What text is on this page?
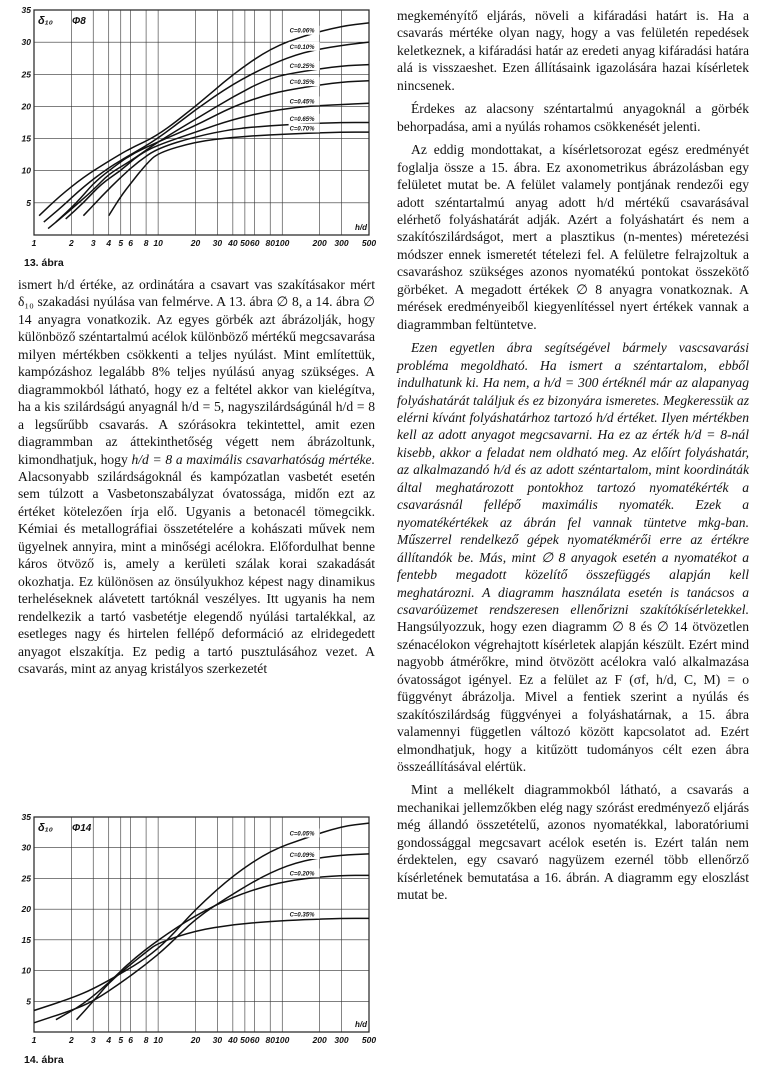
1	2 3 4 5 6 8 10	20 30 40 50 60 80 100	200 300 500
5
10
15
20
25
30
35
δ₁₀ Φ8
h/d
C=0.06%
C=0.10%
C=0.25%
C=0.35%
C=0.45%
C=0.65%
C=0.70%
13. ábra
1	2 3 4 5 6 8 10	20 30 40 50 60 80 100	200 300 500
5
10
15
20
25
30
35
δ₁₀ Φ14
h/d
C=0.05%
C=0.09%
C=0.20%
C=0.35%
14. ábra

ismert h/d értéke, az ordinátára a csavart vas szakításakor mért δ₁₀ szakadási nyúlása van felmérve. A 13. ábra ∅ 8, a 14. ábra ∅ 14 anyagra vonatkozik. Az egyes görbék azt ábrázolják, hogy különböző széntartalmú acélok különböző mértékű megcsavarása milyen mértékben csökkenti a teljes nyúlást. Mint említettük, kampózáshoz legalább 8% teljes nyúlású anyag szükséges. A diagrammokból látható, hogy ez a feltétel akkor van kielégítva, ha a kis szilárdságú anyagnál h/d = 5, nagyszilárdságúnál h/d = 8 a legsűrűbb csavarás. A szórásokra tekintettel, amit ezen diagrammban az áttekinthetőség végett nem ábrázoltunk, kimondhatjuk, hogy h/d = 8 a maximális csavarhatóság mértéke. Alacsonyabb szilárdságoknál és kampózatlan vasbetét esetén sem túlzott a Vasbetonszabályzat óvatossága, midőn ezt az értéket kötelezően írja elő. Ugyanis a betonacél tömegcikk. Kémiai és metallográfiai összetételére a kohászati művek nem ügyelnek annyira, mint a minőségi acélokra. Előfordulhat benne káros ötvöző is, amely a kerületi szálak korai szakadását okozhatja. Ez különösen az önsúlyukhoz képest nagy dinamikus terheléseknek alávetett tartóknál veszélyes. Itt ugyanis ha nem rendelkezik a tartó vasbetétje elegendő nyúlási tartalékkal, az esetleges nagy és hirtelen fellépő deformáció az elridegedett anyagot elszakítja. Ez pedig a tartó pusztulásához vezet. A csavarás, mint az anyag kristályos szerkezetét

megkeményítő eljárás, növeli a kifáradási határt is. Ha a csavarás mértéke olyan nagy, hogy a vas felületén repedések keletkeznek, a kifáradási határ az eredeti anyag kifáradási határa alá is visszaeshet. Ezen állításaink igazolására hazai kísérletek nincsenek.

Érdekes az alacsony széntartalmú anyagoknál a görbék behorpadása, ami a nyúlás rohamos csökkenését jelenti.

Az eddig mondottakat, a kísérletsorozat egész eredményét foglalja össze a 15. ábra. Ez axonometrikus ábrázolásban egy felületet mutat be. A felület valamely pontjának rendezői egy adott széntartalmú anyag adott h/d mértékű csavarásával elérhető folyáshatárát adják. Azért a folyáshatárt és nem a szakítószilárdságot, mert a plasztikus (n-mentes) méretezési módszer ennek ismeretét tételezi fel. A felületre felrajzoltuk a csavaráshoz szükséges azonos nyomatékú pontokat összekötő görbéket. A megadott értékek ∅ 8 anyagra vonatkoznak. A mérések eredményeiből kiegyenlítéssel nyert értékek vannak a diagrammban feltüntetve.

Ezen egyetlen ábra segítségével bármely vascsavarási probléma megoldható. Ha ismert a széntartalom, ebből indulhatunk ki. Ha nem, a h/d = 300 értéknél már az alapanyag folyáshatárát találjuk és ez bizonyára ismeretes. Megkeressük az elérni kívánt folyáshatárhoz tartozó h/d értéket. Ilyen mértékben kell az adott anyagot megcsavarni. Ha ez az érték h/d = 8-nál kisebb, akkor a feladat nem oldható meg. Az előírt folyáshatár, az alkalmazandó h/d és az adott széntartalom, mint koordináták által meghatározott pontokhoz tartozó nyomatékérték a csavarásnál fellépő maximális nyomaték. Ezek a nyomatékértékek az ábrán fel vannak tüntetve mkg-ban. Műszerrel rendelkező gépek nyomatékmérői erre az értékre állítandók be. Más, mint ∅ 8 anyagok esetén a nyomatékot a fentebb megadott közelítő összefüggés alapján kell meghatározni. A diagramm használata esetén is tanácsos a csavaróüzemet rendszeresen ellenőrizni szakítókísérletekkel. Hangsúlyozzuk, hogy ezen diagramm ∅ 8 és ∅ 14 ötvözetlen szénacélokon végrehajtott kísérletek alapján készült. Ezért mind nagyobb átmérőkre, mind ötvözött acélokra való alkalmazása óvatosságot igényel. Ez a felület az F (σf, h/d, C, M) = o függvényt ábrázolja. Mivel a fentiek szerint a nyúlás és szakítószilárdság függvényei a folyáshatárnak, a 15. ábra valamennyi független változó között kapcsolatot ad. Ezért elmondhatjuk, hogy a kitűzött tudományos célt ezen ábra összeállításával elértük.

Mint a mellékelt diagrammokból látható, a csavarás a mechanikai jellemzőkben elég nagy szórást eredményező eljárás még állandó összetételű, azonos nyomatékkal, laboratóriumi gondossággal megcsavart acélok esetén is. Ezért talán nem érdektelen, egy csavaró nagyüzem ezernél több ellenőrző kísérletének bemutatása a 16. ábrán. A diagramm egy eloszlást mutat be.
